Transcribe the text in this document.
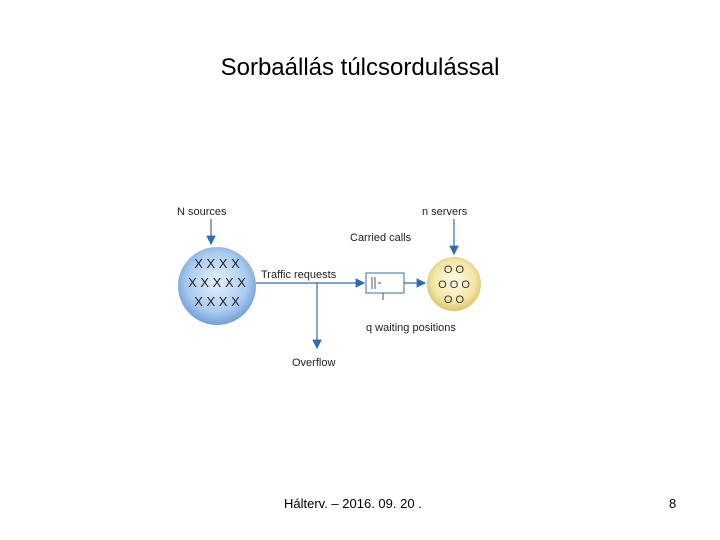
Sorbaállás túlcsordulással
X X X X
X X X X X
X X X X
O O
O O O
O O
N sources	n servers
Carried calls
Traffic requests
q waiting positions
Overflow
Hálterv. – 2016. 09. 20 .	8
